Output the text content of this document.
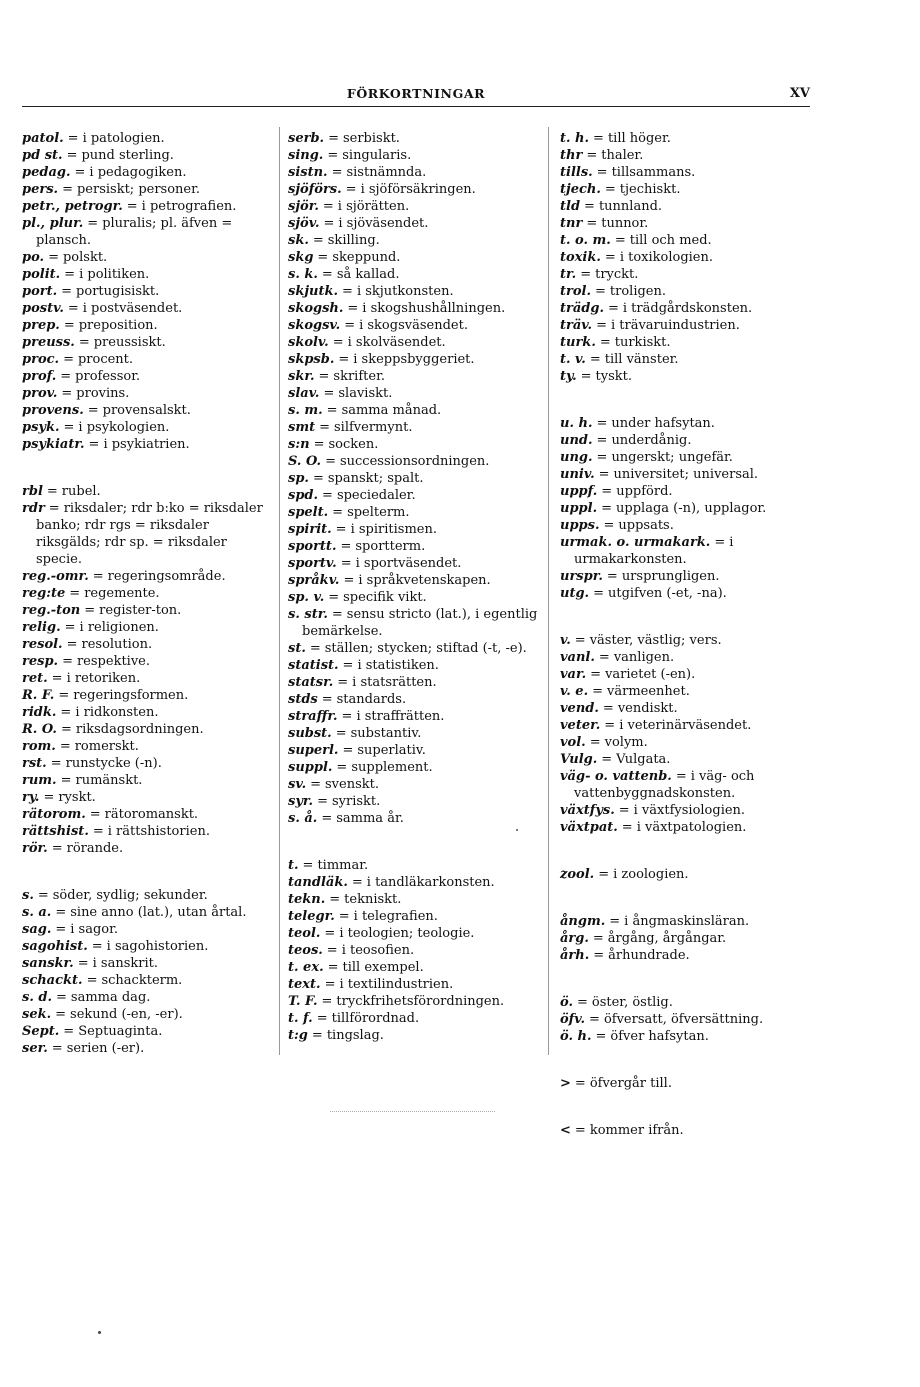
FÖRKORTNINGAR	XV
patol. = i patologien.
pd st. = pund sterling.
pedag. = i pedagogiken.
pers. = persiskt; personer.
petr., petrogr. = i petrografien.
pl., plur. = pluralis; pl. äfven = plansch.
po. = polskt.
polit. = i politiken.
port. = portugisiskt.
postv. = i postväsendet.
prep. = preposition.
preuss. = preussiskt.
proc. = procent.
prof. = professor.
prov. = provins.
provens. = provensalskt.
psyk. = i psykologien.
psykiatr. = i psykiatrien.
rbl = rubel.
rdr = riksdaler; rdr b:ko = riksdaler banko; rdr rgs = riksdaler riksgälds; rdr sp. = riksdaler specie.
reg.-omr. = regeringsområde.
reg:te = regemente.
reg.-ton = register-ton.
relig. = i religionen.
resol. = resolution.
resp. = respektive.
ret. = i retoriken.
R. F. = regeringsformen.
ridk. = i ridkonsten.
R. O. = riksdagsordningen.
rom. = romerskt.
rst. = runstycke (-n).
rum. = rumänskt.
ry. = ryskt.
rätorom. = rätoromanskt.
rättshist. = i rättshistorien.
rör. = rörande.
s. = söder, sydlig; sekunder.
s. a. = sine anno (lat.), utan årtal.
sag. = i sagor.
sagohist. = i sagohistorien.
sanskr. = i sanskrit.
schackt. = schackterm.
s. d. = samma dag.
sek. = sekund (-en, -er).
Sept. = Septuaginta.
ser. = serien (-er).
serb. = serbiskt.
sing. = singularis.
sistn. = sistnämnda.
sjöförs. = i sjöförsäkringen.
sjör. = i sjörätten.
sjöv. = i sjöväsendet.
sk. = skilling.
skg = skeppund.
s. k. = så kallad.
skjutk. = i skjutkonsten.
skogsh. = i skogshushållningen.
skogsv. = i skogsväsendet.
skolv. = i skolväsendet.
skpsb. = i skeppsbyggeriet.
skr. = skrifter.
slav. = slaviskt.
s. m. = samma månad.
smt = silfvermynt.
s:n = socken.
S. O. = successionsordningen.
sp. = spanskt; spalt.
spd. = speciedaler.
spelt. = spelterm.
spirit. = i spiritismen.
sportt. = sportterm.
sportv. = i sportväsendet.
språkv. = i språkvetenskapen.
sp. v. = specifik vikt.
s. str. = sensu stricto (lat.), i egentlig bemärkelse.
st. = ställen; stycken; stiftad (-t, -e).
statist. = i statistiken.
statsr. = i statsrätten.
stds = standards.
straffr. = i straffrätten.
subst. = substantiv.
superl. = superlativ.
suppl. = supplement.
sv. = svenskt.
syr. = syriskt.
s. å. = samma år.
t. = timmar.
tandläk. = i tandläkarkonsten.
tekn. = tekniskt.
telegr. = i telegrafien.
teol. = i teologien; teologie.
teos. = i teosofien.
t. ex. = till exempel.
text. = i textilindustrien.
T. F. = tryckfrihetsförordningen.
t. f. = tillförordnad.
t:g = tingslag.
t. h. = till höger.
thr = thaler.
tills. = tillsammans.
tjech. = tjechiskt.
tld = tunnland.
tnr = tunnor.
t. o. m. = till och med.
toxik. = i toxikologien.
tr. = tryckt.
trol. = troligen.
trädg. = i trädgårdskonsten.
träv. = i trävaruindustrien.
turk. = turkiskt.
t. v. = till vänster.
ty. = tyskt.
u. h. = under hafsytan.
und. = underdånig.
ung. = ungerskt; ungefär.
univ. = universitet; universal.
uppf. = uppförd.
uppl. = upplaga (-n), upplagor.
upps. = uppsats.
urmak. o. urmakark. = i urmakarkonsten.
urspr. = ursprungligen.
utg. = utgifven (-et, -na).
v. = väster, västlig; vers.
vanl. = vanligen.
var. = varietet (-en).
v. e. = värmeenhet.
vend. = vendiskt.
veter. = i veterinärväsendet.
vol. = volym.
Vulg. = Vulgata.
väg- o. vattenb. = i väg- och vattenbyggnadskonsten.
växtfys. = i växtfysiologien.
växtpat. = i växtpatologien.
zool. = i zoologien.
ångm. = i ångmaskinsläran.
årg. = årgång, årgångar.
årh. = århundrade.
ö. = öster, östlig.
öfv. = öfversatt, öfversättning.
ö. h. = öfver hafsytan.
> = öfvergår till.
< = kommer ifrån.
